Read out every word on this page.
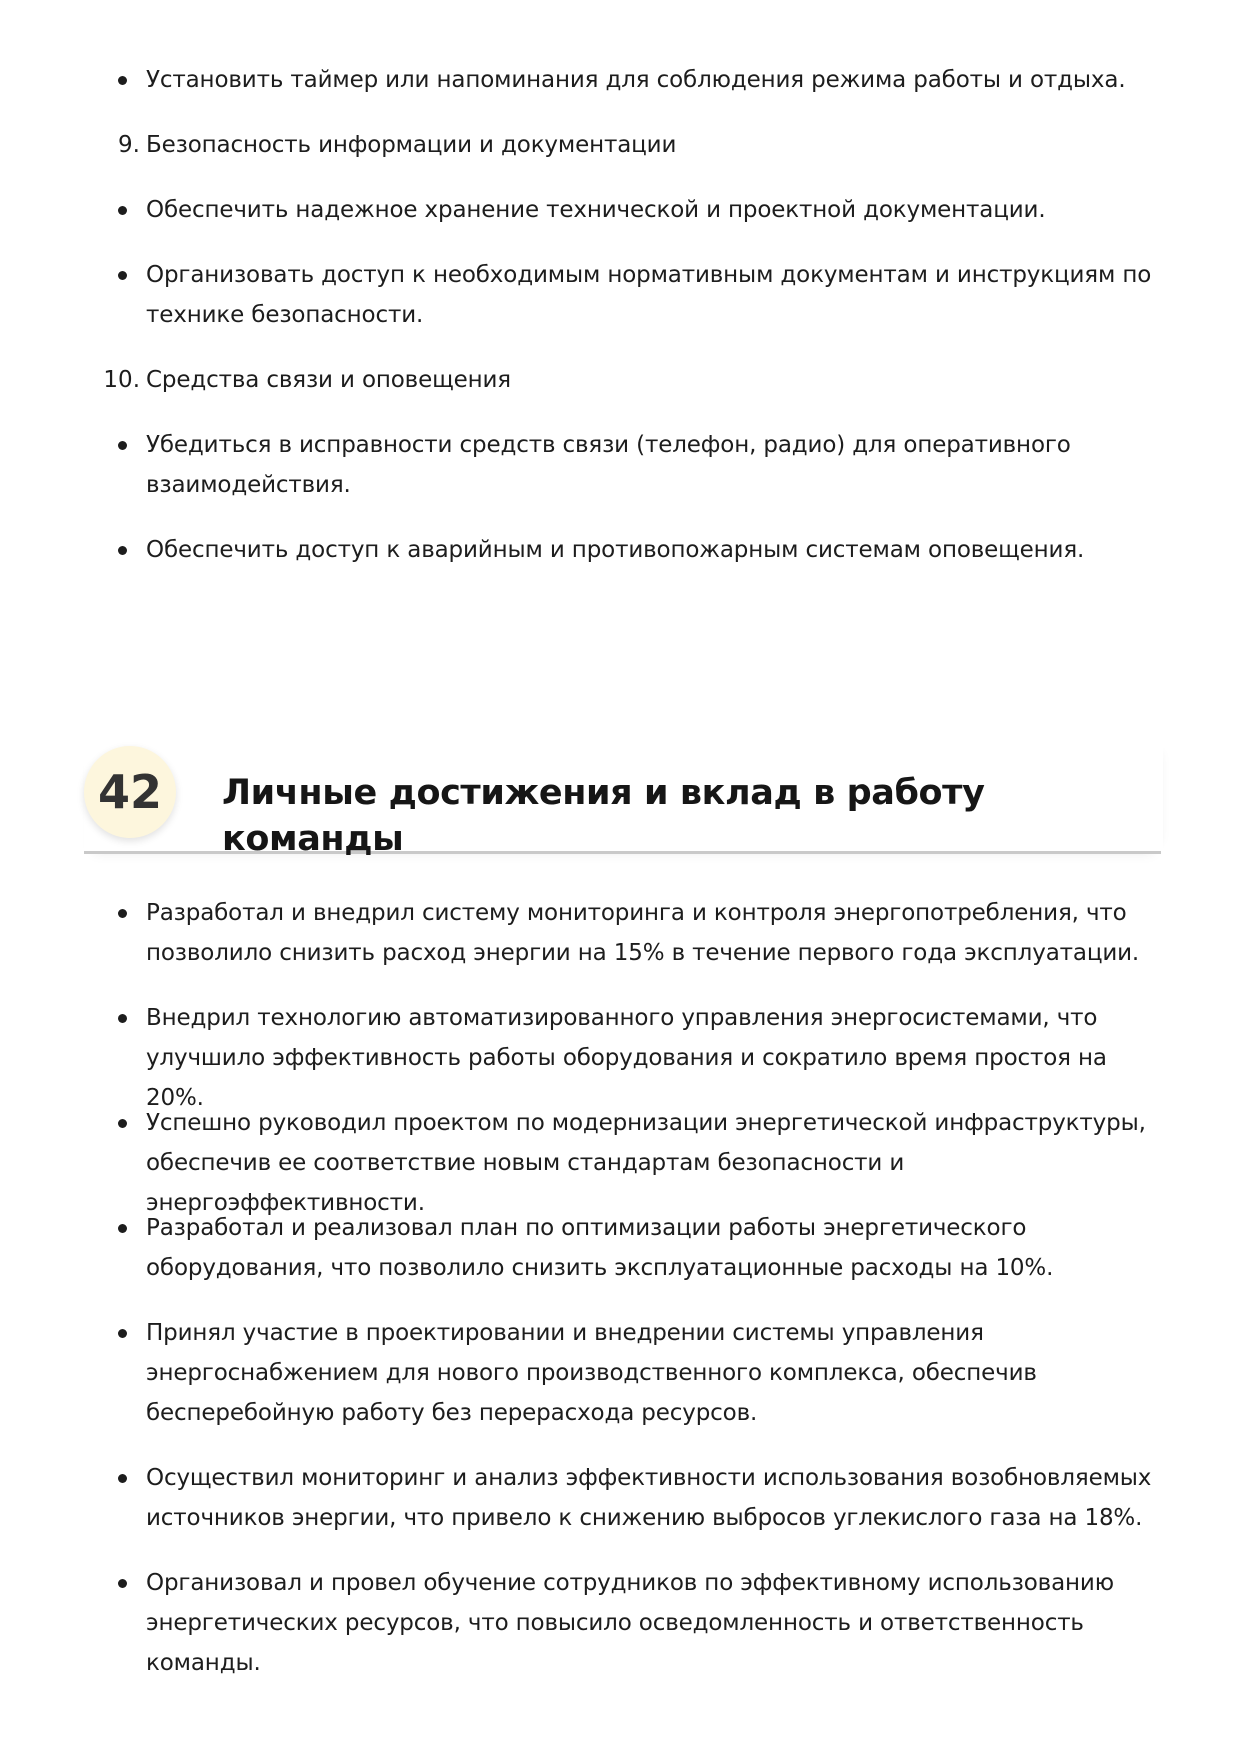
Установить таймер или напоминания для соблюдения режима работы и отдыха.

9. Безопасность информации и документации

Обеспечить надежное хранение технической и проектной документации.

Организовать доступ к необходимым нормативным документам и инструкциям по
технике безопасности.

10. Средства связи и оповещения

Убедиться в исправности средств связи (телефон, радио) для оперативного
взаимодействия.

Обеспечить доступ к аварийным и противопожарным системам оповещения.

42	Личные достижения и вклад в работу команды

Разработал и внедрил систему мониторинга и контроля энергопотребления, что
позволило снизить расход энергии на 15% в течение первого года эксплуатации.

Внедрил технологию автоматизированного управления энергосистемами, что
улучшило эффективность работы оборудования и сократило время простоя на 20%.

Успешно руководил проектом по модернизации энергетической инфраструктуры,
обеспечив ее соответствие новым стандартам безопасности и энергоэффективности.

Разработал и реализовал план по оптимизации работы энергетического
оборудования, что позволило снизить эксплуатационные расходы на 10%.

Принял участие в проектировании и внедрении системы управления
энергоснабжением для нового производственного комплекса, обеспечив
бесперебойную работу без перерасхода ресурсов.

Осуществил мониторинг и анализ эффективности использования возобновляемых
источников энергии, что привело к снижению выбросов углекислого газа на 18%.

Организовал и провел обучение сотрудников по эффективному использованию
энергетических ресурсов, что повысило осведомленность и ответственность команды.
